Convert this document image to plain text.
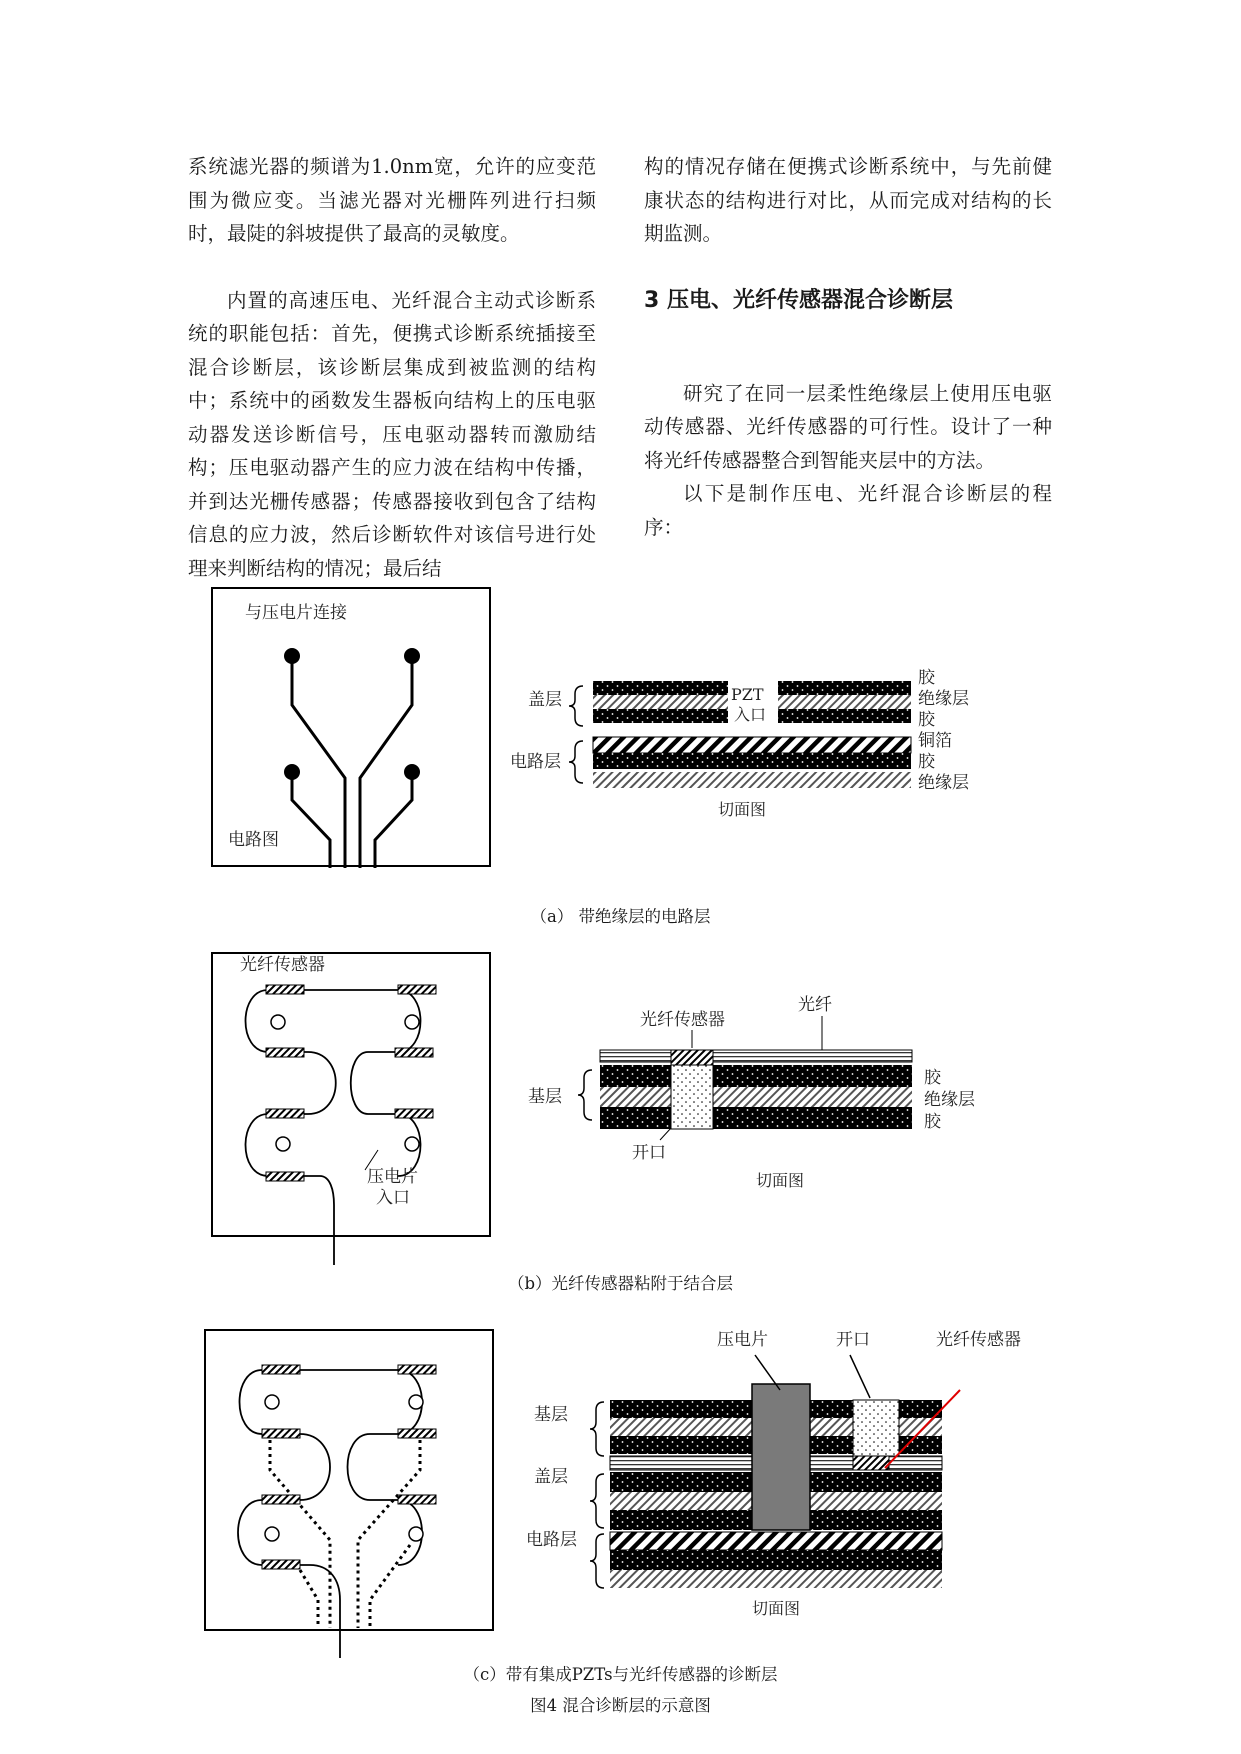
系统滤光器的频谱为1.0nm宽，允许的应变范围为微应变。当滤光器对光栅阵列进行扫频时，最陡的斜坡提供了最高的灵敏度。

内置的高速压电、光纤混合主动式诊断系统的职能包括：首先，便携式诊断系统插接至混合诊断层，该诊断层集成到被监测的结构中；系统中的函数发生器板向结构上的压电驱动器发送诊断信号，压电驱动器转而激励结构；压电驱动器产生的应力波在结构中传播，并到达光栅传感器；传感器接收到包含了结构信息的应力波，然后诊断软件对该信号进行处理来判断结构的情况；最后结

构的情况存储在便携式诊断系统中，与先前健康状态的结构进行对比，从而完成对结构的长期监测。

3 压电、光纤传感器混合诊断层

研究了在同一层柔性绝缘层上使用压电驱动传感器、光纤传感器的可行性。设计了一种将光纤传感器整合到智能夹层中的方法。

以下是制作压电、光纤混合诊断层的程序：

与压电片连接
电路图
PZT
入口
盖层
电路层
胶
绝缘层
胶
铜箔
胶
绝缘层
切面图
光纤传感器
压电片
入口
光纤
光纤传感器
基层
胶
绝缘层
胶
开口
切面图
压电片	开口	光纤传感器
基层
盖层
电路层
切面图
（a） 带绝缘层的电路层
（b）光纤传感器粘附于结合层
（c）带有集成PZTs与光纤传感器的诊断层
图4 混合诊断层的示意图
